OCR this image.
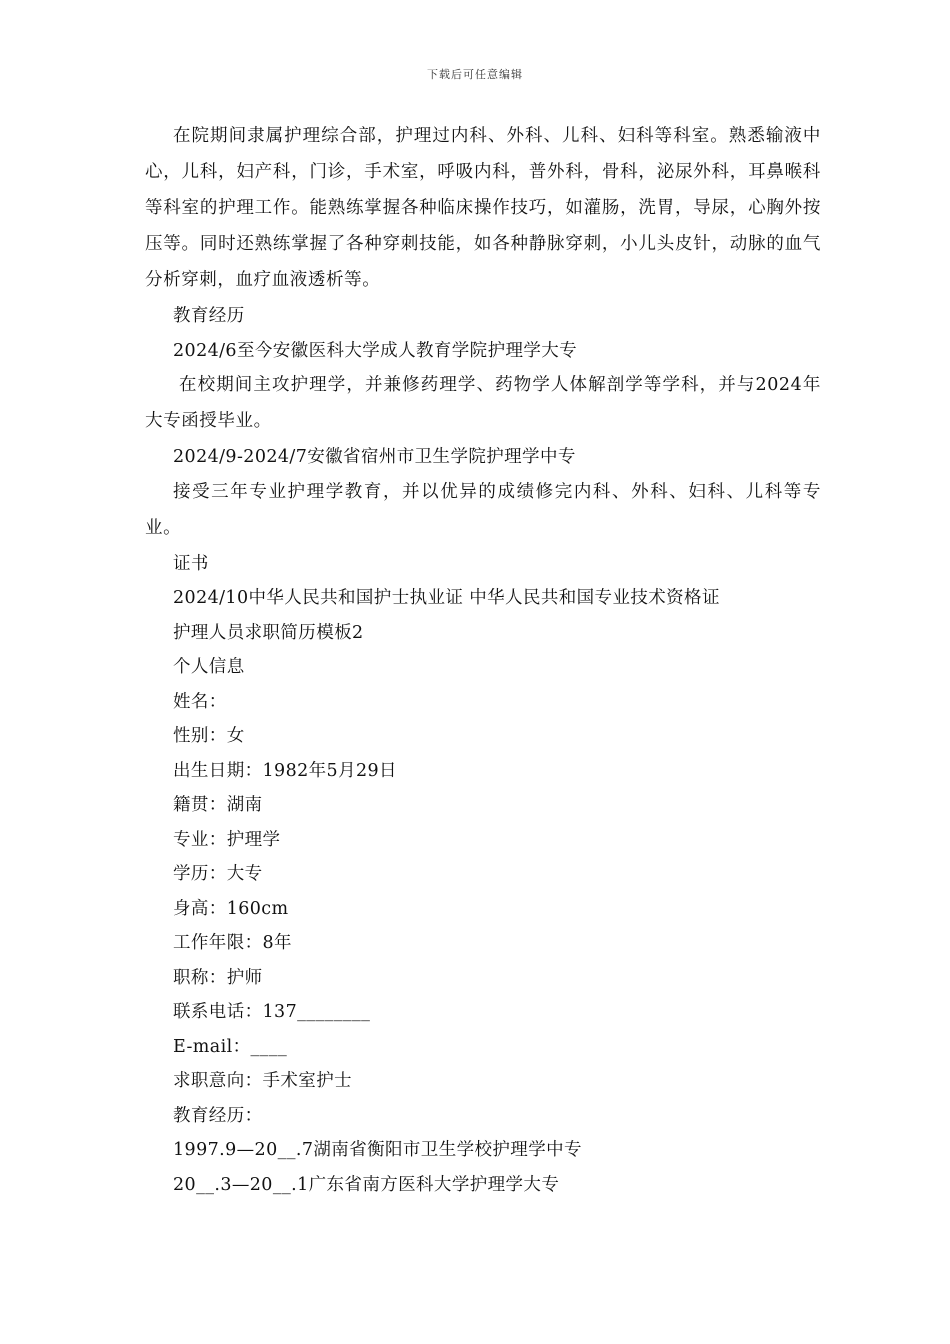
下载后可任意编辑

在院期间隶属护理综合部，护理过内科、外科、儿科、妇科等科室。熟悉输液中心，儿科，妇产科，门诊，手术室，呼吸内科，普外科，骨科，泌尿外科，耳鼻喉科等科室的护理工作。能熟练掌握各种临床操作技巧，如灌肠，洗胃，导尿，心胸外按压等。同时还熟练掌握了各种穿刺技能，如各种静脉穿刺，小儿头皮针，动脉的血气分析穿刺，血疗血液透析等。

教育经历

2024/6至今安徽医科大学成人教育学院护理学大专

在校期间主攻护理学，并兼修药理学、药物学人体解剖学等学科，并与2024年大专函授毕业。

2024/9-2024/7安徽省宿州市卫生学院护理学中专

接受三年专业护理学教育，并以优异的成绩修完内科、外科、妇科、儿科等专业。

证书

2024/10中华人民共和国护士执业证 中华人民共和国专业技术资格证

护理人员求职简历模板2

个人信息

姓名：

性别：女

出生日期：1982年5月29日

籍贯：湖南

专业：护理学

学历：大专

身高：160cm

工作年限：8年

职称：护师

联系电话：137________

E-mail：____

求职意向：手术室护士

教育经历：

1997.9—20__.7湖南省衡阳市卫生学校护理学中专

20__.3—20__.1广东省南方医科大学护理学大专
